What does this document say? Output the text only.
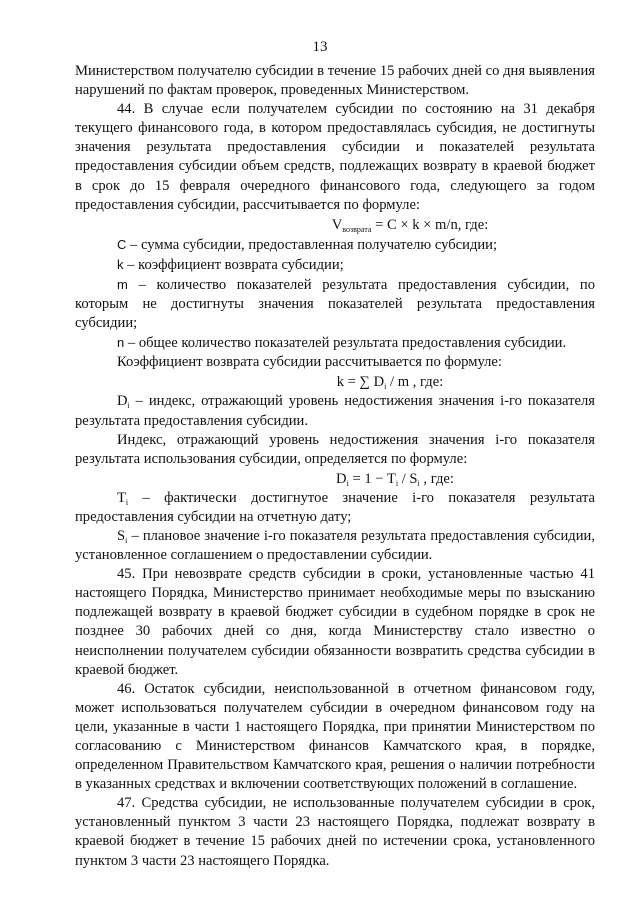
13

Министерством получателю субсидии в течение 15 рабочих дней со дня выявления нарушений по фактам проверок, проведенных Министерством.

44. В случае если получателем субсидии по состоянию на 31 декабря текущего финансового года, в котором предоставлялась субсидия, не достигнуты значения результата предоставления субсидии и показателей результата предоставления субсидии объем средств, подлежащих возврату в краевой бюджет в срок до 15 февраля очередного финансового года, следующего за годом предоставления субсидии, рассчитывается по формуле:

$V_{возврата} = C \times k \times m/n$, где:

C – сумма субсидии, предоставленная получателю субсидии;

k – коэффициент возврата субсидии;

m – количество показателей результата предоставления субсидии, по которым не достигнуты значения показателей результата предоставления субсидии;

n – общее количество показателей результата предоставления субсидии.

Коэффициент возврата субсидии рассчитывается по формуле:

k = ∑ $D_i$ / m , где:

$D_i$ – индекс, отражающий уровень недостижения значения i-го показателя результата предоставления субсидии.

Индекс, отражающий уровень недостижения значения i-го показателя результата использования субсидии, определяется по формуле:

$D_i = 1 - T_i / S_i$ , где:

$T_i$ – фактически достигнутое значение i-го показателя результата предоставления субсидии на отчетную дату;

$S_i$ – плановое значение i-го показателя результата предоставления субсидии, установленное соглашением о предоставлении субсидии.

45. При невозврате средств субсидии в сроки, установленные частью 41 настоящего Порядка, Министерство принимает необходимые меры по взысканию подлежащей возврату в краевой бюджет субсидии в судебном порядке в срок не позднее 30 рабочих дней со дня, когда Министерству стало известно о неисполнении получателем субсидии обязанности возвратить средства субсидии в краевой бюджет.

46. Остаток субсидии, неиспользованной в отчетном финансовом году, может использоваться получателем субсидии в очередном финансовом году на цели, указанные в части 1 настоящего Порядка, при принятии Министерством по согласованию с Министерством финансов Камчатского края, в порядке, определенном Правительством Камчатского края, решения о наличии потребности в указанных средствах и включении соответствующих положений в соглашение.

47. Средства субсидии, не использованные получателем субсидии в срок, установленный пунктом 3 части 23 настоящего Порядка, подлежат возврату в краевой бюджет в течение 15 рабочих дней по истечении срока, установленного пунктом 3 части 23 настоящего Порядка.
